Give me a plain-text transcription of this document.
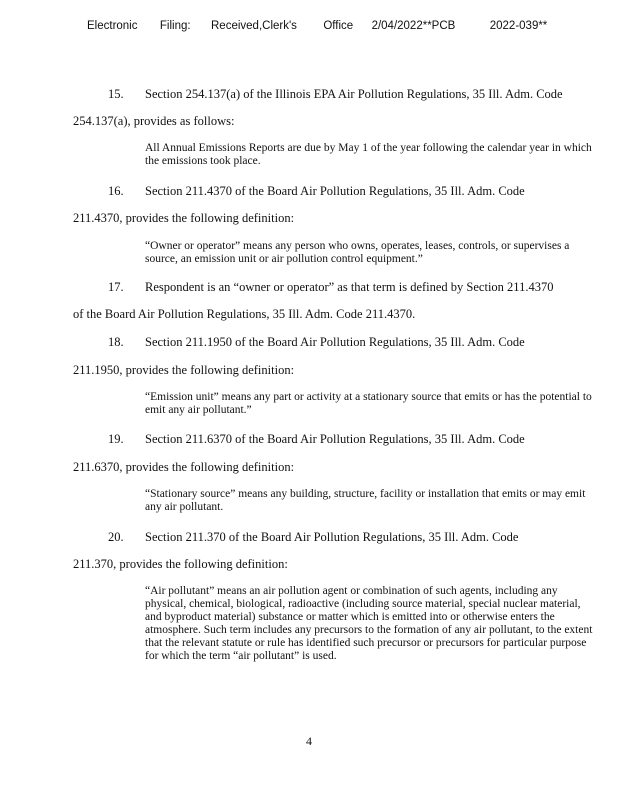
Electronic Filing: Received,Clerk's Office 2/04/2022**PCB	2022-039**
15. Section 254.137(a) of the Illinois EPA Air Pollution Regulations, 35 Ill. Adm. Code
254.137(a), provides as follows:
All Annual Emissions Reports are due by May 1 of the year following the calendar year in which the emissions took place.
16. Section 211.4370 of the Board Air Pollution Regulations, 35 Ill. Adm. Code
211.4370, provides the following definition:
“Owner or operator” means any person who owns, operates, leases, controls, or supervises a source, an emission unit or air pollution control equipment.”
17. Respondent is an “owner or operator” as that term is defined by Section 211.4370
of the Board Air Pollution Regulations, 35 Ill. Adm. Code 211.4370.
18. Section 211.1950 of the Board Air Pollution Regulations, 35 Ill. Adm. Code
211.1950, provides the following definition:
“Emission unit” means any part or activity at a stationary source that emits or has the potential to emit any air pollutant.”
19. Section 211.6370 of the Board Air Pollution Regulations, 35 Ill. Adm. Code
211.6370, provides the following definition:
“Stationary source” means any building, structure, facility or installation that emits or may emit any air pollutant.
20. Section 211.370 of the Board Air Pollution Regulations, 35 Ill. Adm. Code
211.370, provides the following definition:
“Air pollutant” means an air pollution agent or combination of such agents, including any physical, chemical, biological, radioactive (including source material, special nuclear material, and byproduct material) substance or matter which is emitted into or otherwise enters the atmosphere. Such term includes any precursors to the formation of any air pollutant, to the extent that the relevant statute or rule has identified such precursor or precursors for particular purpose for which the term “air pollutant” is used.
4
